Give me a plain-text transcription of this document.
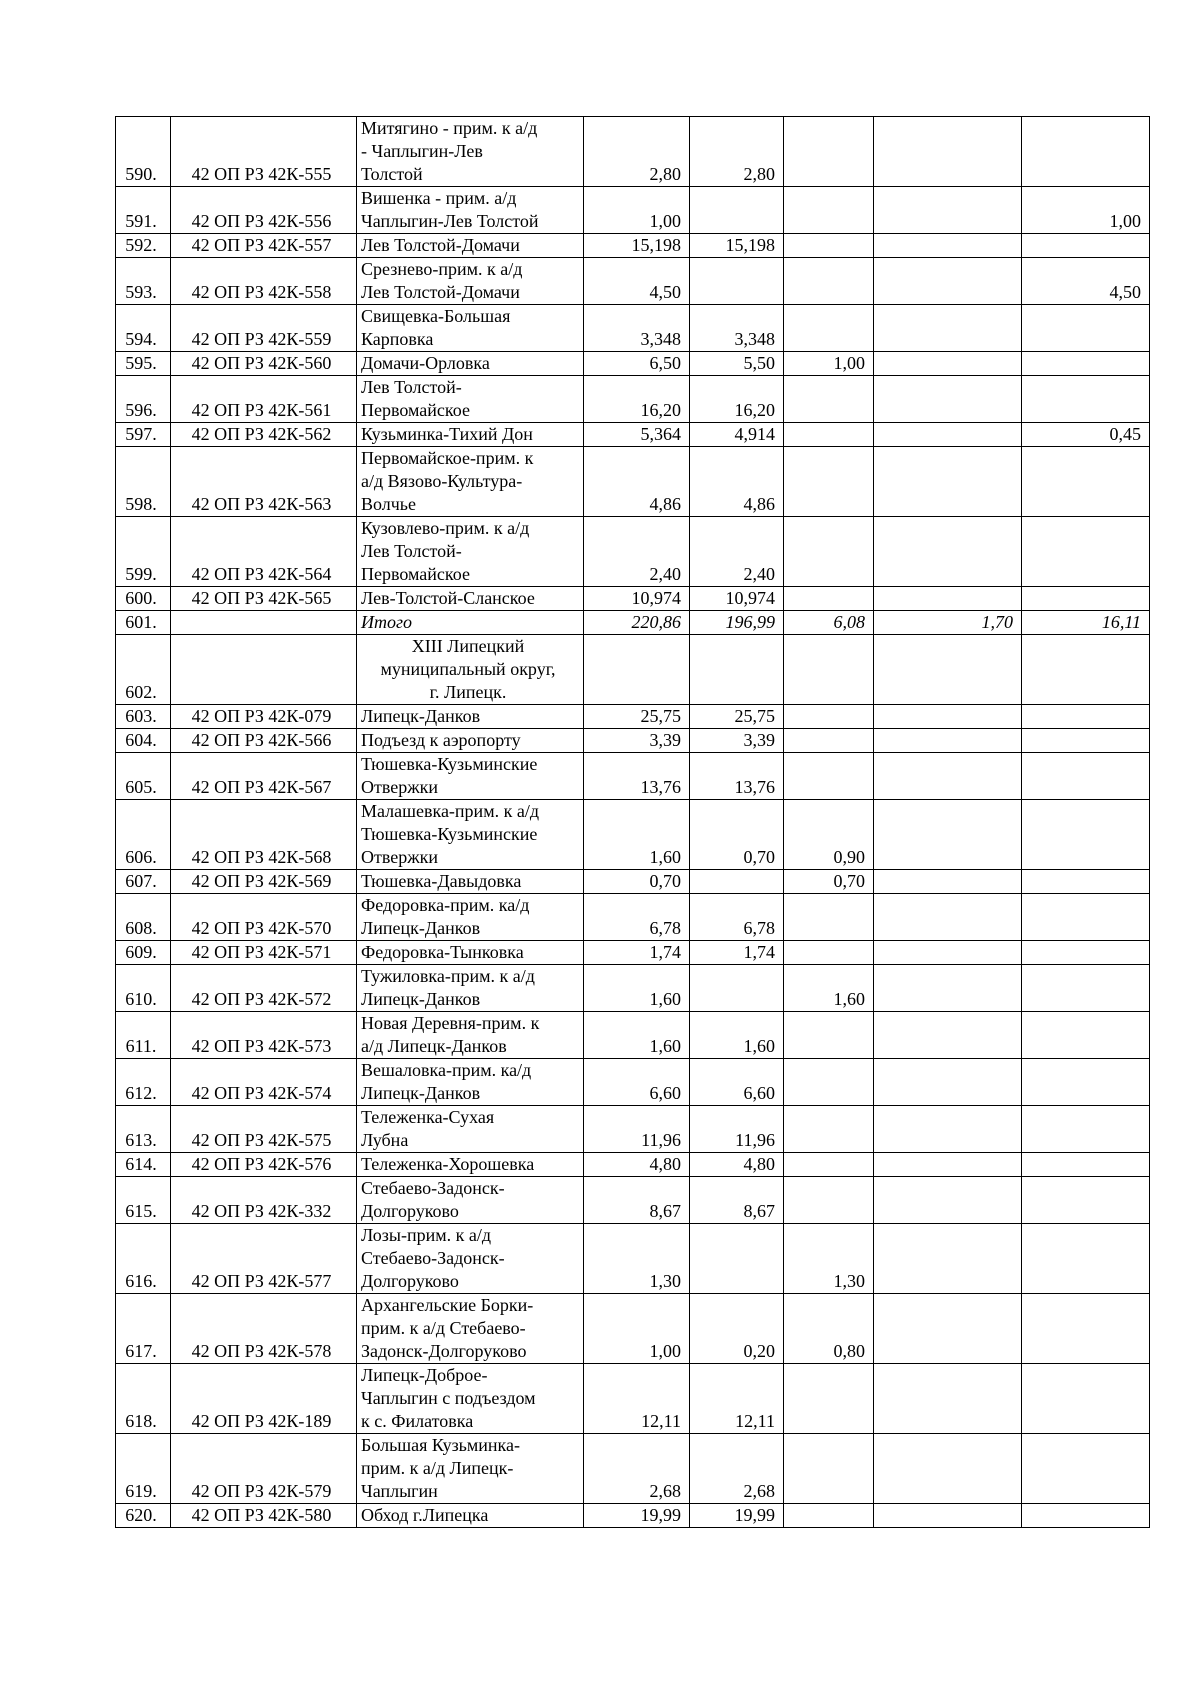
590.	42 ОП РЗ 42К-555	Митягино - прим. к а/д
- Чаплыгин-Лев
Толстой	2,80	2,80			
591.	42 ОП РЗ 42К-556	Вишенка - прим. а/д
Чаплыгин-Лев Толстой	1,00				1,00
592.	42 ОП РЗ 42К-557	Лев Толстой-Домачи	15,198	15,198			
593.	42 ОП РЗ 42К-558	Срезнево-прим. к а/д
Лев Толстой-Домачи	4,50				4,50
594.	42 ОП РЗ 42К-559	Свищевка-Большая
Карповка	3,348	3,348			
595.	42 ОП РЗ 42К-560	Домачи-Орловка	6,50	5,50	1,00		
596.	42 ОП РЗ 42К-561	Лев Толстой-
Первомайское	16,20	16,20			
597.	42 ОП РЗ 42К-562	Кузьминка-Тихий Дон	5,364	4,914			0,45
598.	42 ОП РЗ 42К-563	Первомайское-прим. к
а/д Вязово-Культура-
Волчье	4,86	4,86			
599.	42 ОП РЗ 42К-564	Кузовлево-прим. к а/д
Лев Толстой-
Первомайское	2,40	2,40			
600.	42 ОП РЗ 42К-565	Лев-Толстой-Сланское	10,974	10,974			
601.		Итого	220,86	196,99	6,08	1,70	16,11
602.		XIII Липецкий
муниципальный округ,
г. Липецк.					

603.	42 ОП РЗ 42К-079	Липецк-Данков	25,75	25,75			
604.	42 ОП РЗ 42К-566	Подъезд к аэропорту	3,39	3,39			
605.	42 ОП РЗ 42К-567	Тюшевка-Кузьминские
Отвержки	13,76	13,76			
606.	42 ОП РЗ 42К-568	Малашевка-прим. к а/д
Тюшевка-Кузьминские
Отвержки	1,60	0,70	0,90		
607.	42 ОП РЗ 42К-569	Тюшевка-Давыдовка	0,70		0,70		
608.	42 ОП РЗ 42К-570	Федоровка-прим. ка/д
Липецк-Данков	6,78	6,78			
609.	42 ОП РЗ 42К-571	Федоровка-Тынковка	1,74	1,74			
610.	42 ОП РЗ 42К-572	Тужиловка-прим. к а/д
Липецк-Данков	1,60		1,60		
611.	42 ОП РЗ 42К-573	Новая Деревня-прим. к
а/д Липецк-Данков	1,60	1,60			
612.	42 ОП РЗ 42К-574	Вешаловка-прим. ка/д
Липецк-Данков	6,60	6,60			
613.	42 ОП РЗ 42К-575	Тележенка-Сухая
Лубна	11,96	11,96			
614.	42 ОП РЗ 42К-576	Тележенка-Хорошевка	4,80	4,80			
615.	42 ОП РЗ 42К-332	Стебаево-Задонск-
Долгоруково	8,67	8,67			
616.	42 ОП РЗ 42К-577	Лозы-прим. к а/д
Стебаево-Задонск-
Долгоруково	1,30		1,30		
617.	42 ОП РЗ 42К-578	Архангельские Борки-
прим. к а/д Стебаево-
Задонск-Долгоруково	1,00	0,20	0,80		
618.	42 ОП РЗ 42К-189	Липецк-Доброе-
Чаплыгин с подъездом
к с. Филатовка	12,11	12,11			
619.	42 ОП РЗ 42К-579	Большая Кузьминка-
прим. к а/д Липецк-
Чаплыгин	2,68	2,68			
620.	42 ОП РЗ 42К-580	Обход г.Липецка	19,99	19,99			
